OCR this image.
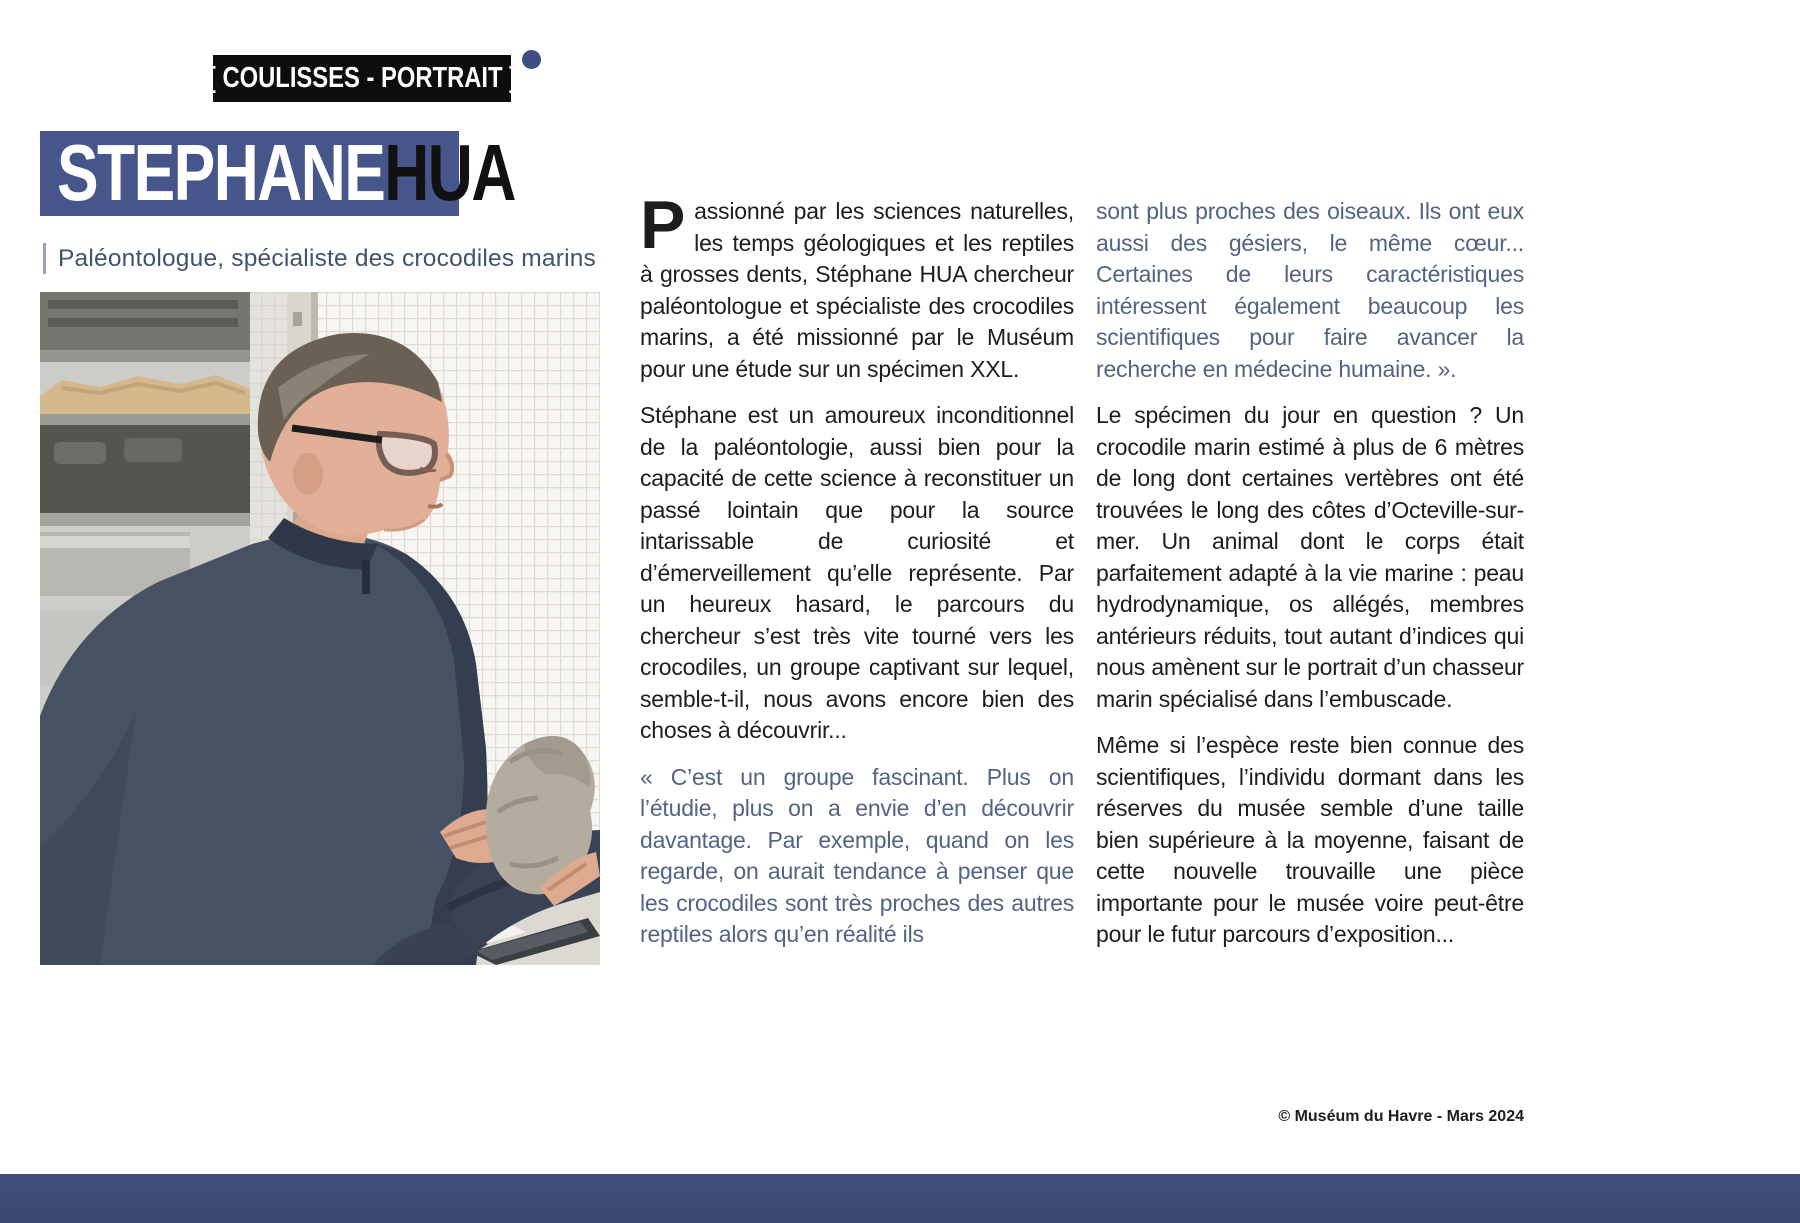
[ COULISSES - PORTRAIT ]
STEPHANE HUA
Paléontologue, spécialiste des crocodiles marins Passionné par les sciences naturelles, les temps géologiques et les reptiles à grosses dents, Stéphane HUA chercheur paléontologue et spécialiste des crocodiles marins, a été missionné par le Muséum pour une étude sur un spécimen XXL.

Stéphane est un amoureux inconditionnel de la paléontologie, aussi bien pour la capacité de cette science à reconstituer un passé lointain que pour la source intarissable de curiosité et d’émerveillement qu’elle représente. Par un heureux hasard, le parcours du chercheur s’est très vite tourné vers les crocodiles, un groupe captivant sur lequel, semble-t-il, nous avons encore bien des choses à découvrir...

« C’est un groupe fascinant. Plus on l’étudie, plus on a envie d’en découvrir davantage. Par exemple, quand on les regarde, on aurait tendance à penser que les crocodiles sont très proches des autres reptiles alors qu’en réalité ils

sont plus proches des oiseaux. Ils ont eux aussi des gésiers, le même cœur... Certaines de leurs caractéristiques intéressent également beaucoup les scientifiques pour faire avancer la recherche en médecine humaine. ».

Le spécimen du jour en question ? Un crocodile marin estimé à plus de 6 mètres de long dont certaines vertèbres ont été trouvées le long des côtes d’Octeville-sur-mer. Un animal dont le corps était parfaitement adapté à la vie marine : peau hydrodynamique, os allégés, membres antérieurs réduits, tout autant d’indices qui nous amènent sur le portrait d’un chasseur marin spécialisé dans l’embuscade.

Même si l’espèce reste bien connue des scientifiques, l’individu dormant dans les réserves du musée semble d’une taille bien supérieure à la moyenne, faisant de cette nouvelle trouvaille une pièce importante pour le musée voire peut-être pour le futur parcours d’exposition...

© Muséum du Havre - Mars 2024
